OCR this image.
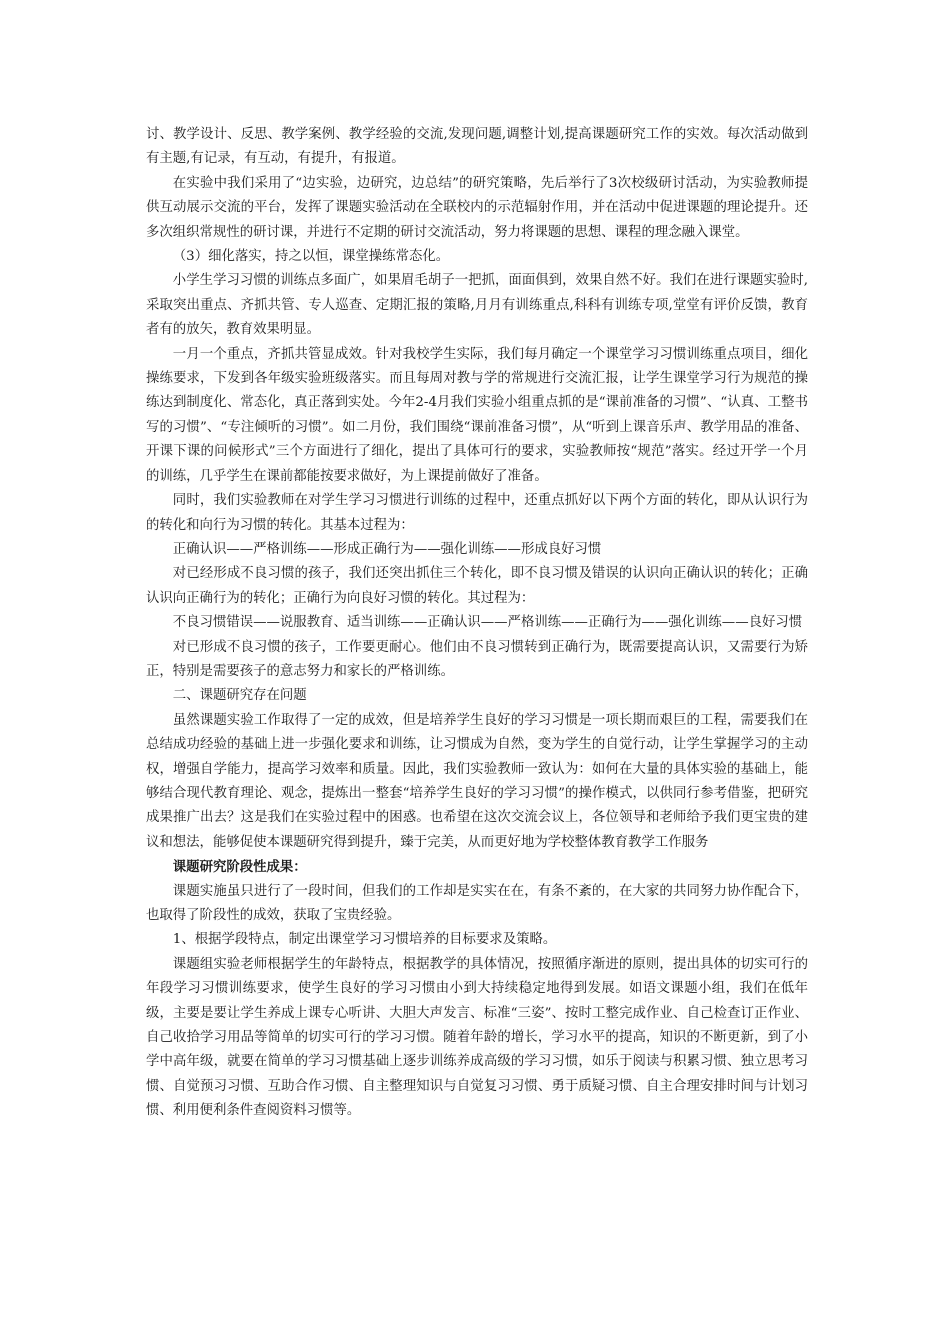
讨、教学设计、反思、教学案例、教学经验的交流,发现问题,调整计划,提高课题研究工作的实效。每次活动做到有主题,有记录，有互动，有提升，有报道。

在实验中我们采用了“边实验，边研究，边总结”的研究策略，先后举行了3次校级研讨活动，为实验教师提供互动展示交流的平台，发挥了课题实验活动在全联校内的示范辐射作用，并在活动中促进课题的理论提升。还多次组织常规性的研讨课，并进行不定期的研讨交流活动，努力将课题的思想、课程的理念融入课堂。

（3）细化落实，持之以恒，课堂操练常态化。

小学生学习习惯的训练点多面广，如果眉毛胡子一把抓，面面俱到，效果自然不好。我们在进行课题实验时,采取突出重点、齐抓共管、专人巡查、定期汇报的策略,月月有训练重点,科科有训练专项,堂堂有评价反馈，教育者有的放矢，教育效果明显。

一月一个重点，齐抓共管显成效。针对我校学生实际，我们每月确定一个课堂学习习惯训练重点项目，细化操练要求，下发到各年级实验班级落实。而且每周对教与学的常规进行交流汇报，让学生课堂学习行为规范的操练达到制度化、常态化，真正落到实处。今年2-4月我们实验小组重点抓的是“课前准备的习惯”、“认真、工整书写的习惯”、“专注倾听的习惯”。如二月份，我们围绕“课前准备习惯”，从“听到上课音乐声、教学用品的准备、开课下课的问候形式”三个方面进行了细化，提出了具体可行的要求，实验教师按“规范”落实。经过开学一个月的训练，几乎学生在课前都能按要求做好，为上课提前做好了准备。

同时，我们实验教师在对学生学习习惯进行训练的过程中，还重点抓好以下两个方面的转化，即从认识行为的转化和向行为习惯的转化。其基本过程为：

正确认识——严格训练——形成正确行为——强化训练——形成良好习惯

对已经形成不良习惯的孩子，我们还突出抓住三个转化，即不良习惯及错误的认识向正确认识的转化；正确认识向正确行为的转化；正确行为向良好习惯的转化。其过程为：

不良习惯错误——说服教育、适当训练——正确认识——严格训练——正确行为——强化训练——良好习惯

对已形成不良习惯的孩子，工作要更耐心。他们由不良习惯转到正确行为，既需要提高认识，又需要行为矫正，特别是需要孩子的意志努力和家长的严格训练。

二、课题研究存在问题

虽然课题实验工作取得了一定的成效，但是培养学生良好的学习习惯是一项长期而艰巨的工程，需要我们在总结成功经验的基础上进一步强化要求和训练，让习惯成为自然，变为学生的自觉行动，让学生掌握学习的主动权，增强自学能力，提高学习效率和质量。因此，我们实验教师一致认为：如何在大量的具体实验的基础上，能够结合现代教育理论、观念，提炼出一整套“培养学生良好的学习习惯”的操作模式，以供同行参考借鉴，把研究成果推广出去？这是我们在实验过程中的困惑。也希望在这次交流会议上，各位领导和老师给予我们更宝贵的建议和想法，能够促使本课题研究得到提升，臻于完美，从而更好地为学校整体教育教学工作服务

课题研究阶段性成果：

课题实施虽只进行了一段时间，但我们的工作却是实实在在，有条不紊的，在大家的共同努力协作配合下，也取得了阶段性的成效，获取了宝贵经验。

1、根据学段特点，制定出课堂学习习惯培养的目标要求及策略。

课题组实验老师根据学生的年龄特点，根据教学的具体情况，按照循序渐进的原则，提出具体的切实可行的年段学习习惯训练要求，使学生良好的学习习惯由小到大持续稳定地得到发展。如语文课题小组，我们在低年级，主要是要让学生养成上课专心听讲、大胆大声发言、标准“三姿”、按时工整完成作业、自己检查订正作业、自己收拾学习用品等简单的切实可行的学习习惯。随着年龄的增长，学习水平的提高，知识的不断更新，到了小学中高年级，就要在简单的学习习惯基础上逐步训练养成高级的学习习惯，如乐于阅读与积累习惯、独立思考习惯、自觉预习习惯、互助合作习惯、自主整理知识与自觉复习习惯、勇于质疑习惯、自主合理安排时间与计划习惯、利用便利条件查阅资料习惯等。
